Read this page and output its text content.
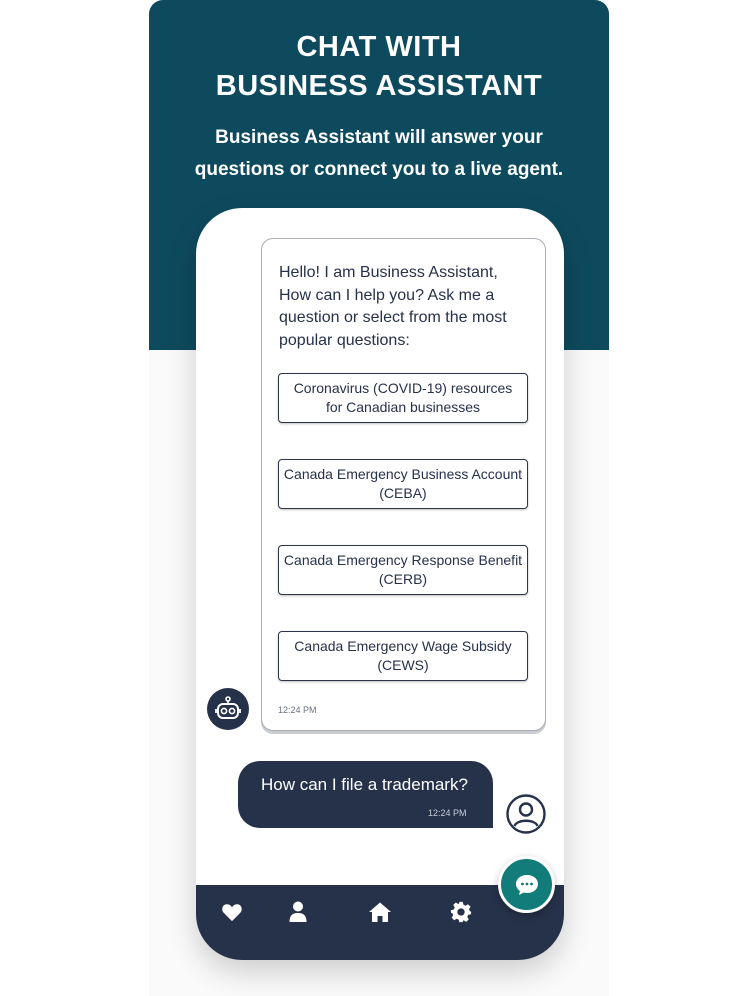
CHAT WITH
BUSINESS ASSISTANT
Business Assistant will answer your
questions or connect you to a live agent.
Hello! I am Business Assistant, How can I help you? Ask me a question or select from the most popular questions:
Coronavirus (COVID-19) resources
for Canadian businesses
Canada Emergency Business Account
(CEBA)
Canada Emergency Response Benefit
(CERB)
Canada Emergency Wage Subsidy
(CEWS)
12:24 PM
How can I file a trademark?
12:24 PM
